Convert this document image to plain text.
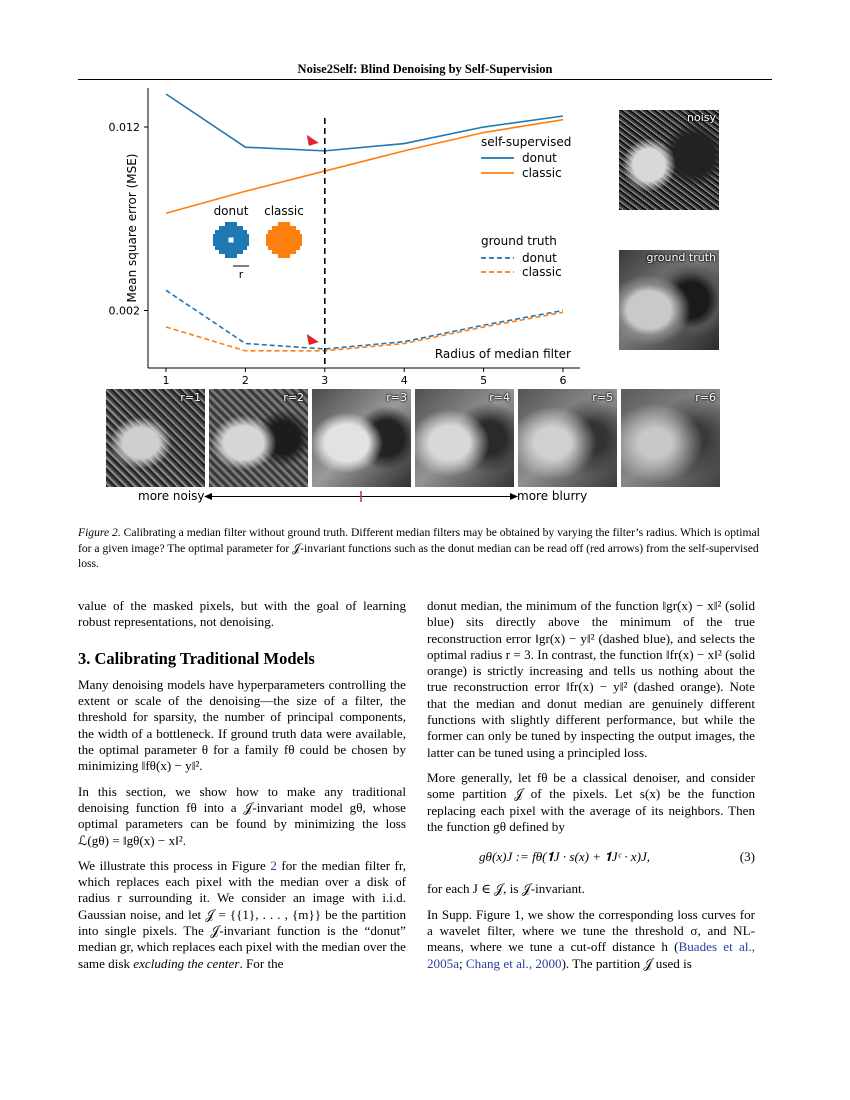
Noise2Self: Blind Denoising by Self-Supervision
1	2	3	4	5	6
0.012
0.002
Mean square error (MSE)
Radius of median filter
self-supervised
donut
classic
ground truth
donut
classic
donut classic
r
noisy
ground truth
r=1	r=2	r=3	r=4	r=5	r=6
more noisy	more blurry
Figure 2. Calibrating a median filter without ground truth. Different median filters may be obtained by varying the filter’s radius. Which is optimal for a given image? The optimal parameter for 𝒥-invariant functions such as the donut median can be read off (red arrows) from the self-supervised loss.

value of the masked pixels, but with the goal of learning robust representations, not denoising.

3. Calibrating Traditional Models

Many denoising models have hyperparameters controlling the extent or scale of the denoising—the size of a filter, the threshold for sparsity, the number of principal components, the width of a bottleneck. If ground truth data were available, the optimal parameter θ for a family fθ could be chosen by minimizing ‖fθ(x) − y‖².

In this section, we show how to make any traditional denoising function fθ into a 𝒥-invariant model gθ, whose optimal parameters can be found by minimizing the loss ℒ(gθ) = ‖gθ(x) − x‖².

We illustrate this process in Figure 2 for the median filter fr, which replaces each pixel with the median over a disk of radius r surrounding it. We consider an image with i.i.d. Gaussian noise, and let 𝒥 = {{1}, . . . , {m}} be the partition into single pixels. The 𝒥-invariant function is the “donut” median gr, which replaces each pixel with the median over the same disk excluding the center. For the

donut median, the minimum of the function ‖gr(x) − x‖² (solid blue) sits directly above the minimum of the true reconstruction error ‖gr(x) − y‖² (dashed blue), and selects the optimal radius r = 3. In contrast, the function ‖fr(x) − x‖² (solid orange) is strictly increasing and tells us nothing about the true reconstruction error ‖fr(x) − y‖² (dashed orange). Note that the median and donut median are genuinely different functions with slightly different performance, but while the former can only be tuned by inspecting the output images, the latter can be tuned using a principled loss.

More generally, let fθ be a classical denoiser, and consider some partition 𝒥 of the pixels. Let s(x) be the function replacing each pixel with the average of its neighbors. Then the function gθ defined by

gθ(x)J := fθ(𝟏J · s(x) + 𝟏Jᶜ · x)J,	(3)

for each J ∈ 𝒥, is 𝒥-invariant.

In Supp. Figure 1, we show the corresponding loss curves for a wavelet filter, where we tune the threshold σ, and NL-means, where we tune a cut-off distance h (Buades et al., 2005a; Chang et al., 2000). The partition 𝒥 used is
